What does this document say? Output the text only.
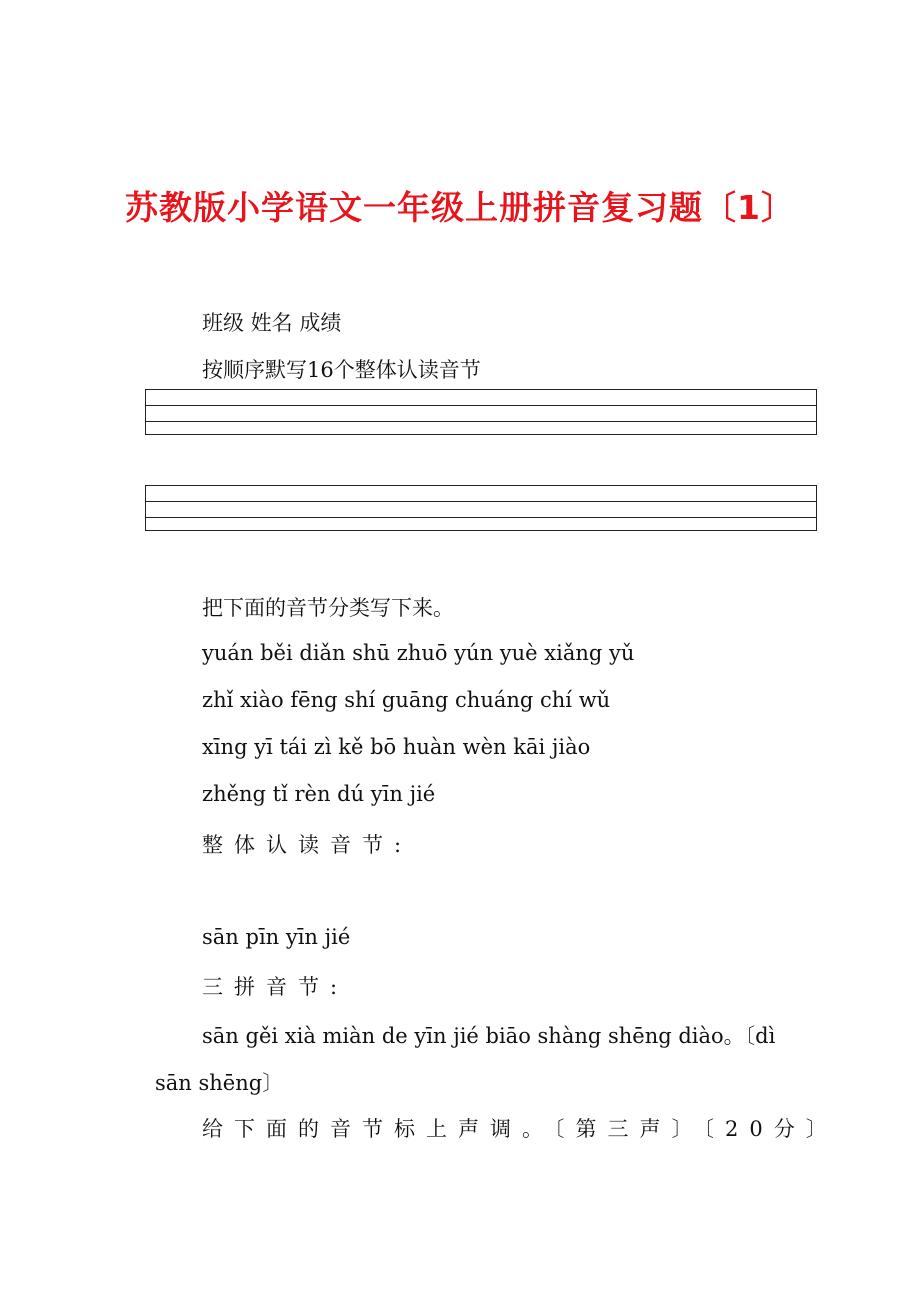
苏教版小学语文一年级上册拼音复习题〔1〕
班级 姓名 成绩
按顺序默写16个整体认读音节
把下面的音节分类写下来。
yuán běi diǎn shū zhuō yún yuè xiǎng yǔ
zhǐ xiào fēng shí guāng chuáng chí wǔ
xīng yī tái zì kě bō huàn wèn kāi jiào
zhěng tǐ rèn dú yīn jié
整体认读音节:
sān pīn yīn jié
三拼音节:
sān gěi xià miàn de yīn jié biāo shàng shēng diào。〔dì
sān shēng〕
给下面的音节标上声调。〔第三声〕〔20分〕
